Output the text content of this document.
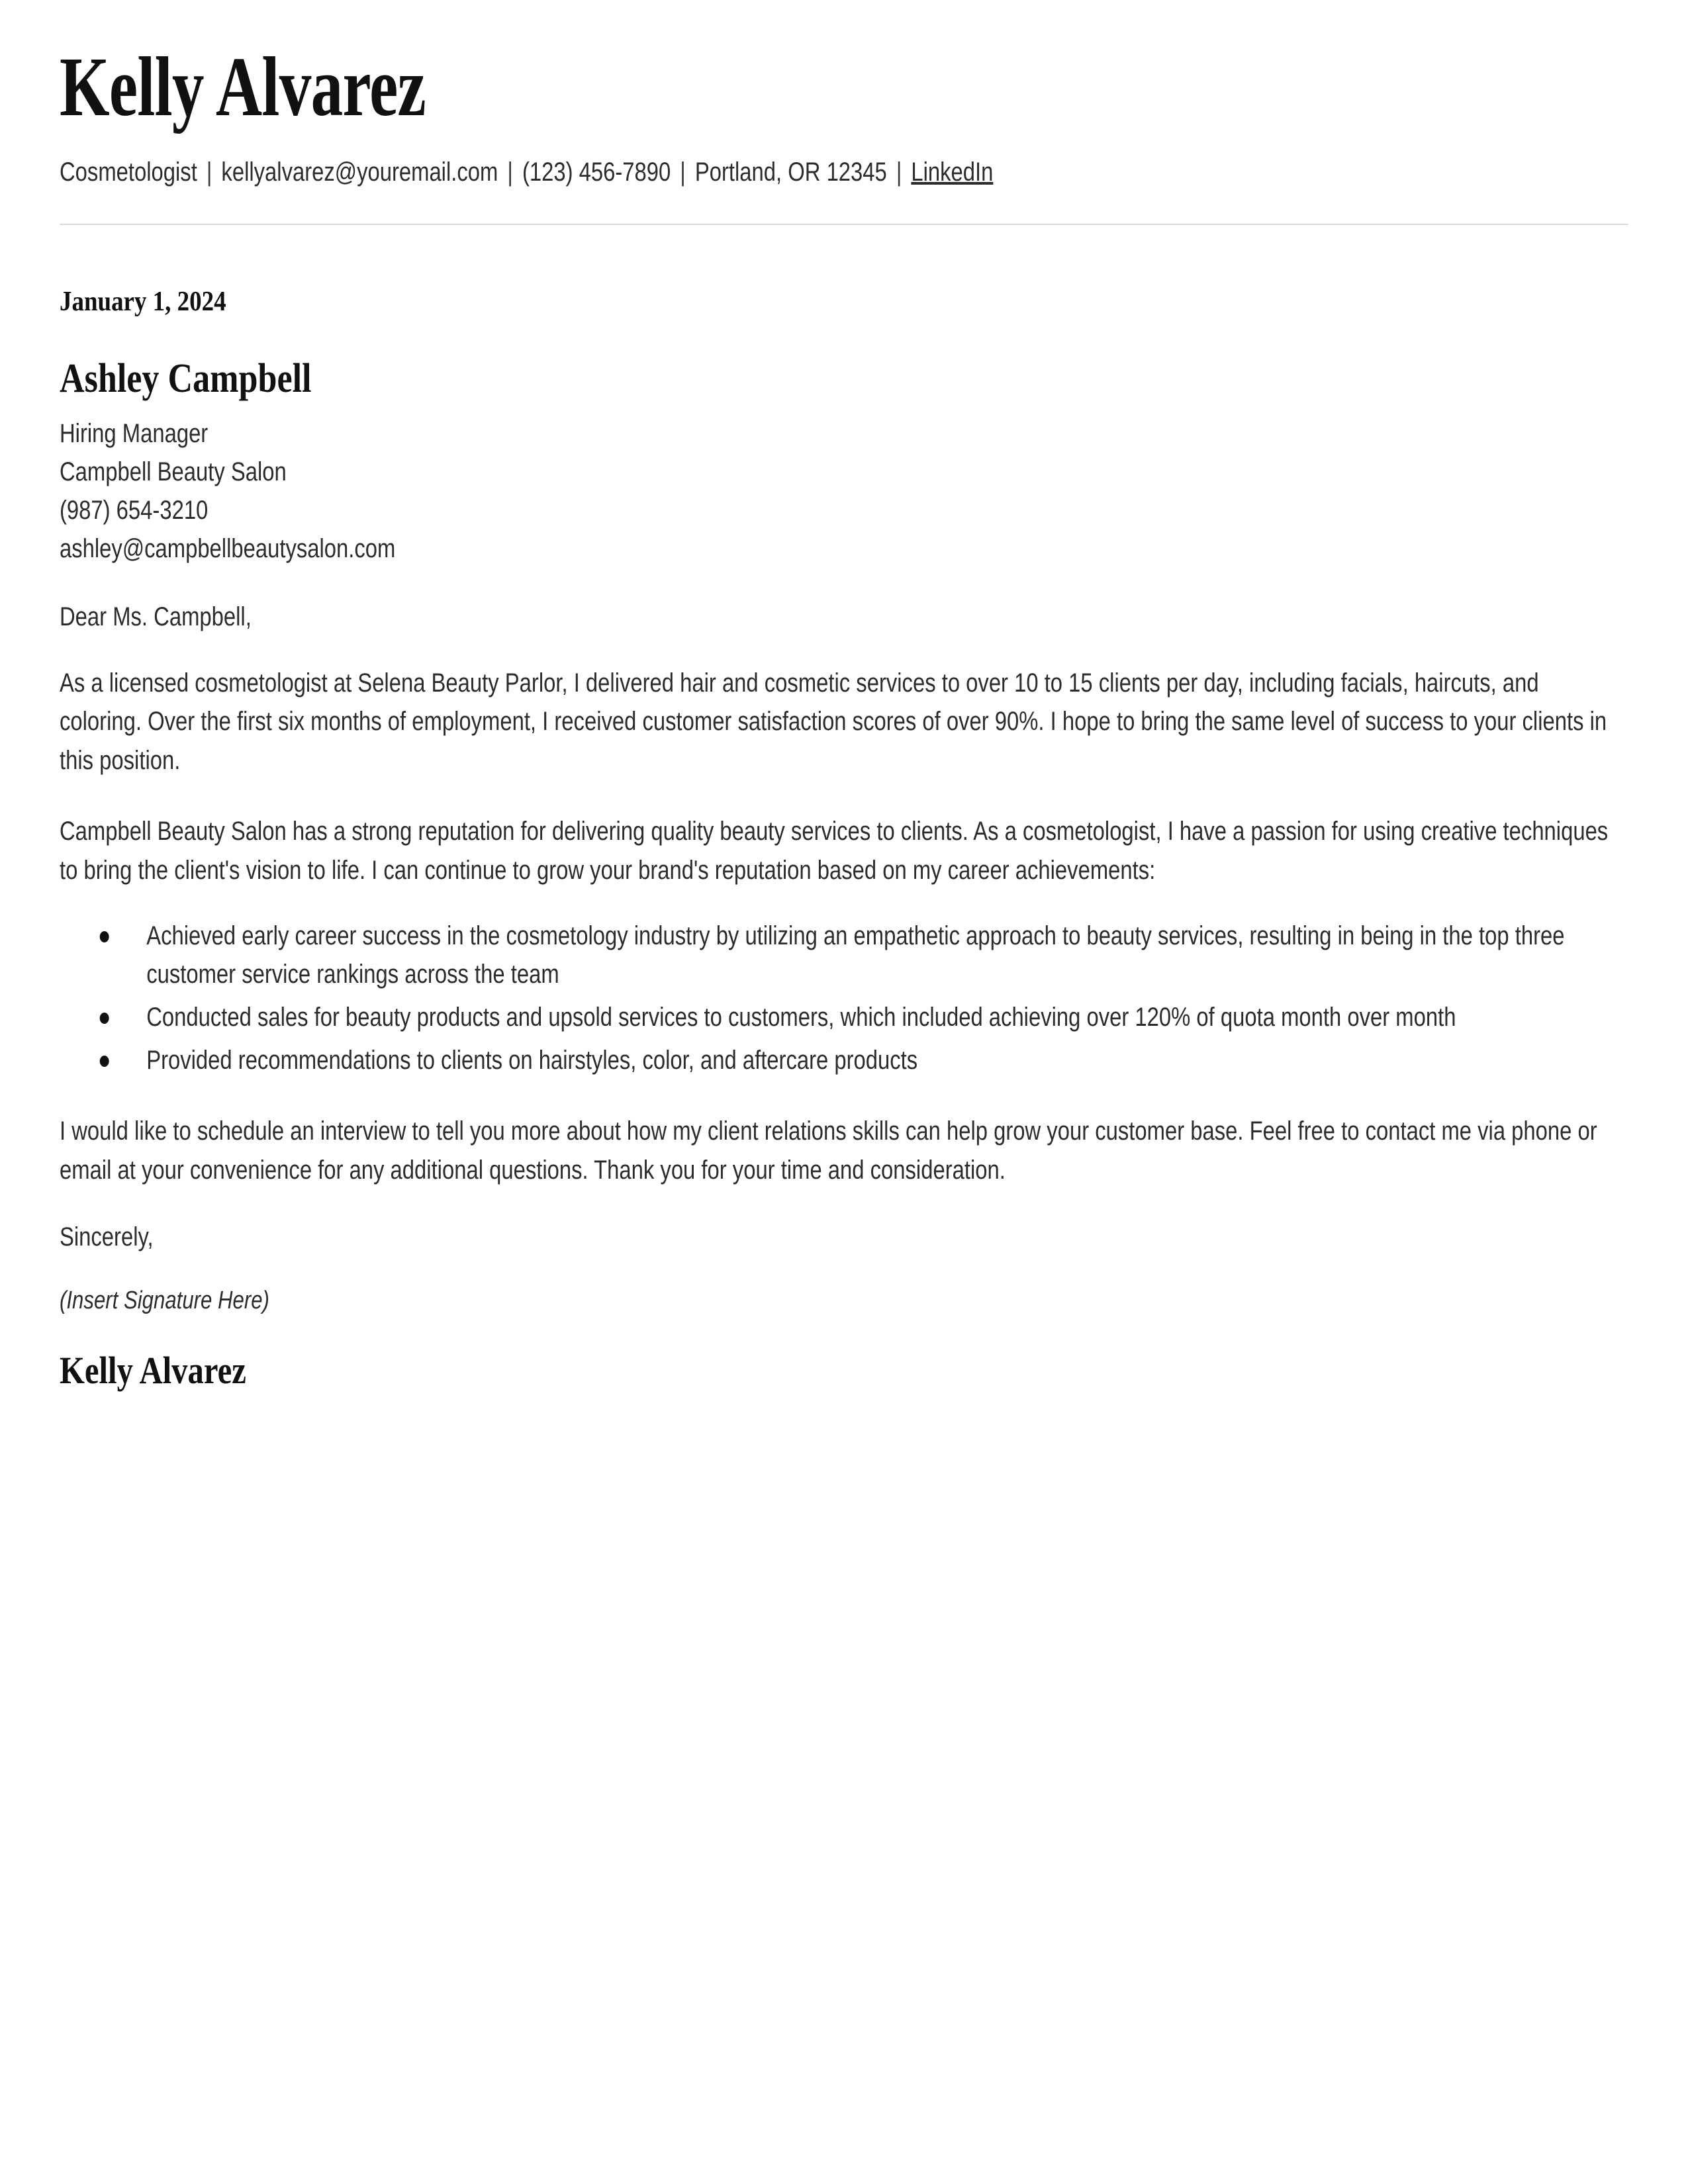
Kelly Alvarez
Cosmetologist | kellyalvarez@youremail.com | (123) 456-7890 | Portland, OR 12345 | LinkedIn
January 1, 2024
Ashley Campbell
Hiring Manager
Campbell Beauty Salon
(987) 654-3210
ashley@campbellbeautysalon.com
Dear Ms. Campbell,

As a licensed cosmetologist at Selena Beauty Parlor, I delivered hair and cosmetic services to over 10 to 15 clients per day, including facials, haircuts, and coloring. Over the first six months of employment, I received customer satisfaction scores of over 90%. I hope to bring the same level of success to your clients in this position.

Campbell Beauty Salon has a strong reputation for delivering quality beauty services to clients. As a cosmetologist, I have a passion for using creative techniques to bring the client's vision to life. I can continue to grow your brand's reputation based on my career achievements:

Achieved early career success in the cosmetology industry by utilizing an empathetic approach to beauty services, resulting in being in the top three customer service rankings across the team
Conducted sales for beauty products and upsold services to customers, which included achieving over 120% of quota month over month
Provided recommendations to clients on hairstyles, color, and aftercare products

I would like to schedule an interview to tell you more about how my client relations skills can help grow your customer base. Feel free to contact me via phone or email at your convenience for any additional questions. Thank you for your time and consideration.

Sincerely,
(Insert Signature Here)
Kelly Alvarez
